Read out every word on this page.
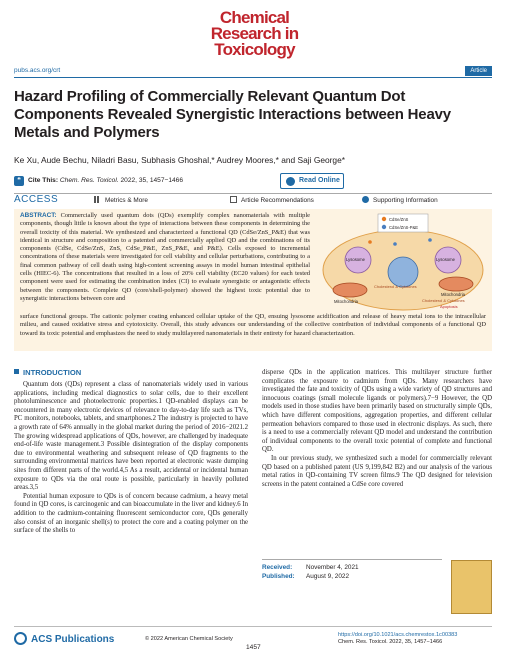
Chemical
Research in
Toxicology
pubs.acs.org/crt	Article
Hazard Profiling of Commercially Relevant Quantum Dot Components Revealed Synergistic Interactions between Heavy Metals and Polymers
Ke Xu, Aude Bechu, Niladri Basu, Subhasis Ghoshal,* Audrey Moores,* and Saji George*
❝	Cite This: Chem. Res. Toxicol. 2022, 35, 1457−1466	Read Online
ACCESS	Metrics & More	Article Recommendations	Supporting Information
ABSTRACT: Commercially used quantum dots (QDs) exemplify complex nanomaterials with multiple components, though little is known about the type of interactions between these components in determining the overall toxicity of this material. We synthesized and characterized a functional QD (CdSe/ZnS_P&E) that was identical in structure and composition to a patented and commercially applied QD and the combinations of its components (CdSe, CdSe/ZnS, ZnS, CdSe_P&E, ZnS_P&E, and P&E). Cells exposed to incremental concentrations of these materials were investigated for cell viability and cellular perturbations, contributing to a final common pathway of cell death using high-content screening assays in model human intestinal epithelial cells (HIEC-6). The concentrations that resulted in a loss of 20% cell viability (EC20 values) for each tested component were used for estimating the combination index (CI) to evaluate synergistic or antagonistic effects between the components. Complete QD (core/shell-polymer) showed the highest toxic potential due to synergistic interactions between core and
surface functional groups. The cationic polymer coating enhanced cellular uptake of the QD, ensuing lysosome acidification and release of heavy metal ions to the intracellular milieu, and caused oxidative stress and cytotoxicity. Overall, this study advances our understanding of the collective contribution of individual components of a functional QD toward its toxic potential and emphasizes the need to study multilayered nanomaterials in their entirety for hazard characterization.
CdSe/ZnS
CdSe/ZnS-P&E
Lysosome	Lysosome
Mitochondria
Mitochondria
Cholesterol & Cytokines
Cholesterol & Cytokines
Apoptosis
INTRODUCTION

Quantum dots (QDs) represent a class of nanomaterials widely used in various applications, including medical diagnostics to solar cells, due to their excellent photoluminescence and photoelectronic properties.1 QD-enabled displays can be encountered in many electronic devices of relevance to day-to-day life such as TVs, PC monitors, notebooks, tablets, and smartphones.2 The industry is projected to have a growth rate of 64% annually in the global market during the period of 2016−2021.2 The growing widespread applications of QDs, however, are challenged by inadequate end-of-life waste management.3 Possible disintegration of the display components due to environmental weathering and subsequent release of QD fragments to the surrounding environmental matrices have been reported at electronic waste dumping sites from different parts of the world.4,5 As a result, accidental or incidental human exposure to QDs via the oral route is possible, particularly in heavily polluted areas.3,5

Potential human exposure to QDs is of concern because cadmium, a heavy metal found in QD cores, is carcinogenic and can bioaccumulate in the liver and kidney.6 In addition to the cadmium-containing fluorescent semiconductor core, QDs generally also consist of an inorganic shell(s) to protect the core and a coating polymer on the surface of the shells to

disperse QDs in the application matrices. This multilayer structure further complicates the exposure to cadmium from QDs. Many researchers have investigated the fate and toxicity of QDs using a wide variety of QD structures and innocuous coatings (small molecule ligands or polymers).7−9 However, the QD models used in those studies have been primarily based on structurally simple QDs, which have different compositions, aggregation properties, and different cellular permeation behaviors compared to those used in electronic displays. As such, there is a need to use a commercially relevant QD model and understand the contribution of individual components to the overall toxic potential of complete and functional QD.

In our previous study, we synthesized such a model for commercially relevant QD based on a published patent (US 9,199,842 B2) and our analysis of the various metal ratios in QD-containing TV screen films.9 The QD designed for television screens in the patent contained a CdSe core covered

Received: November 4, 2021
Published: August 9, 2022
ACS Publications	© 2022 American Chemical Society
1457
https://doi.org/10.1021/acs.chemrestox.1c00383
Chem. Res. Toxicol. 2022, 35, 1457−1466
